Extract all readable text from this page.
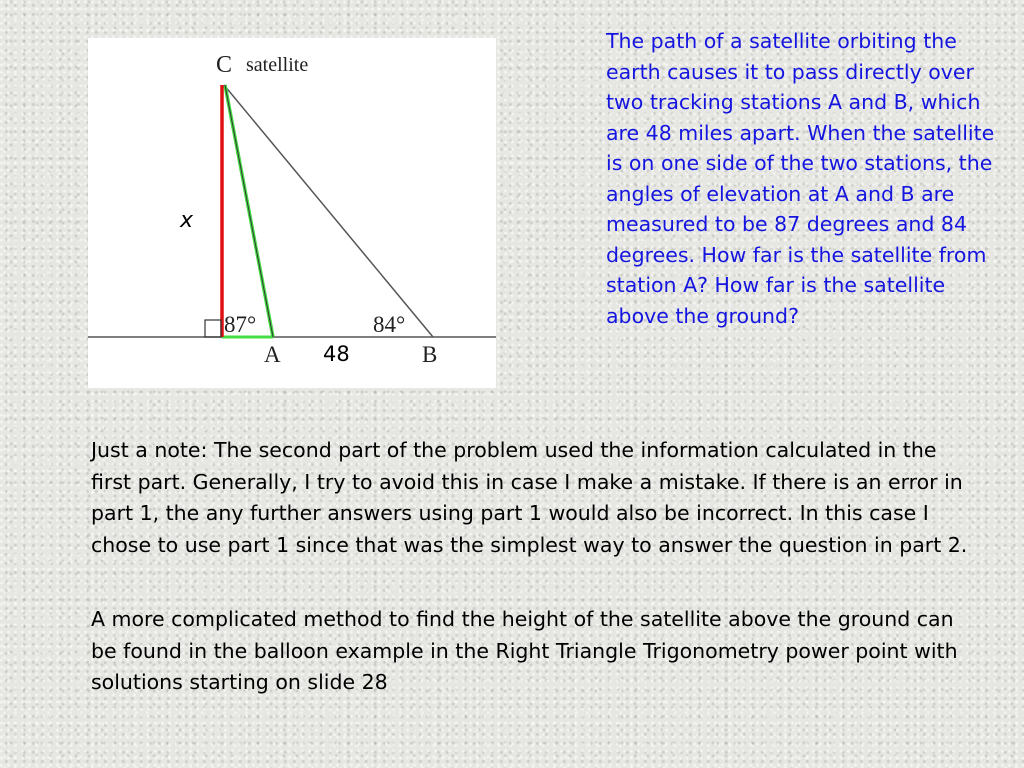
C satellite
87°	84°
A	B
x
48

The path of a satellite orbiting the earth causes it to pass directly over two tracking stations A and B, which are 48 miles apart. When the satellite is on one side of the two stations, the angles of elevation at A and B are measured to be 87 degrees and 84 degrees. How far is the satellite from station A? How far is the satellite above the ground?

Just a note: The second part of the problem used the information calculated in the first part. Generally, I try to avoid this in case I make a mistake. If there is an error in part 1, the any further answers using part 1 would also be incorrect. In this case I chose to use part 1 since that was the simplest way to answer the question in part 2.

A more complicated method to find the height of the satellite above the ground can be found in the balloon example in the Right Triangle Trigonometry power point with solutions starting on slide 28
